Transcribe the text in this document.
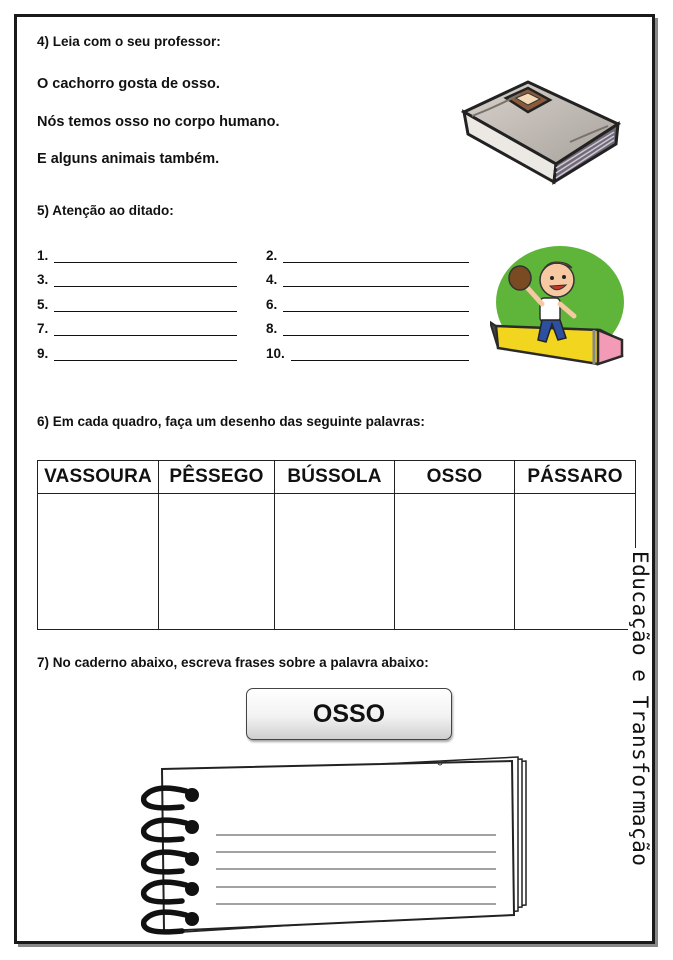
4) Leia com o seu professor:
O cachorro gosta de osso.
Nós temos osso no corpo humano.
E alguns animais também.
5) Atenção ao ditado:
1.
3.
5.
7.
9.
2.
4.
6.
8.
10.
6) Em cada quadro, faça um desenho das seguinte palavras:
VASSOURA	PÊSSEGO	BÚSSOLA	OSSO	PÁSSARO

7) No caderno abaixo, escreva frases sobre a palavra abaixo:
OSSO	Educação e Transformação
